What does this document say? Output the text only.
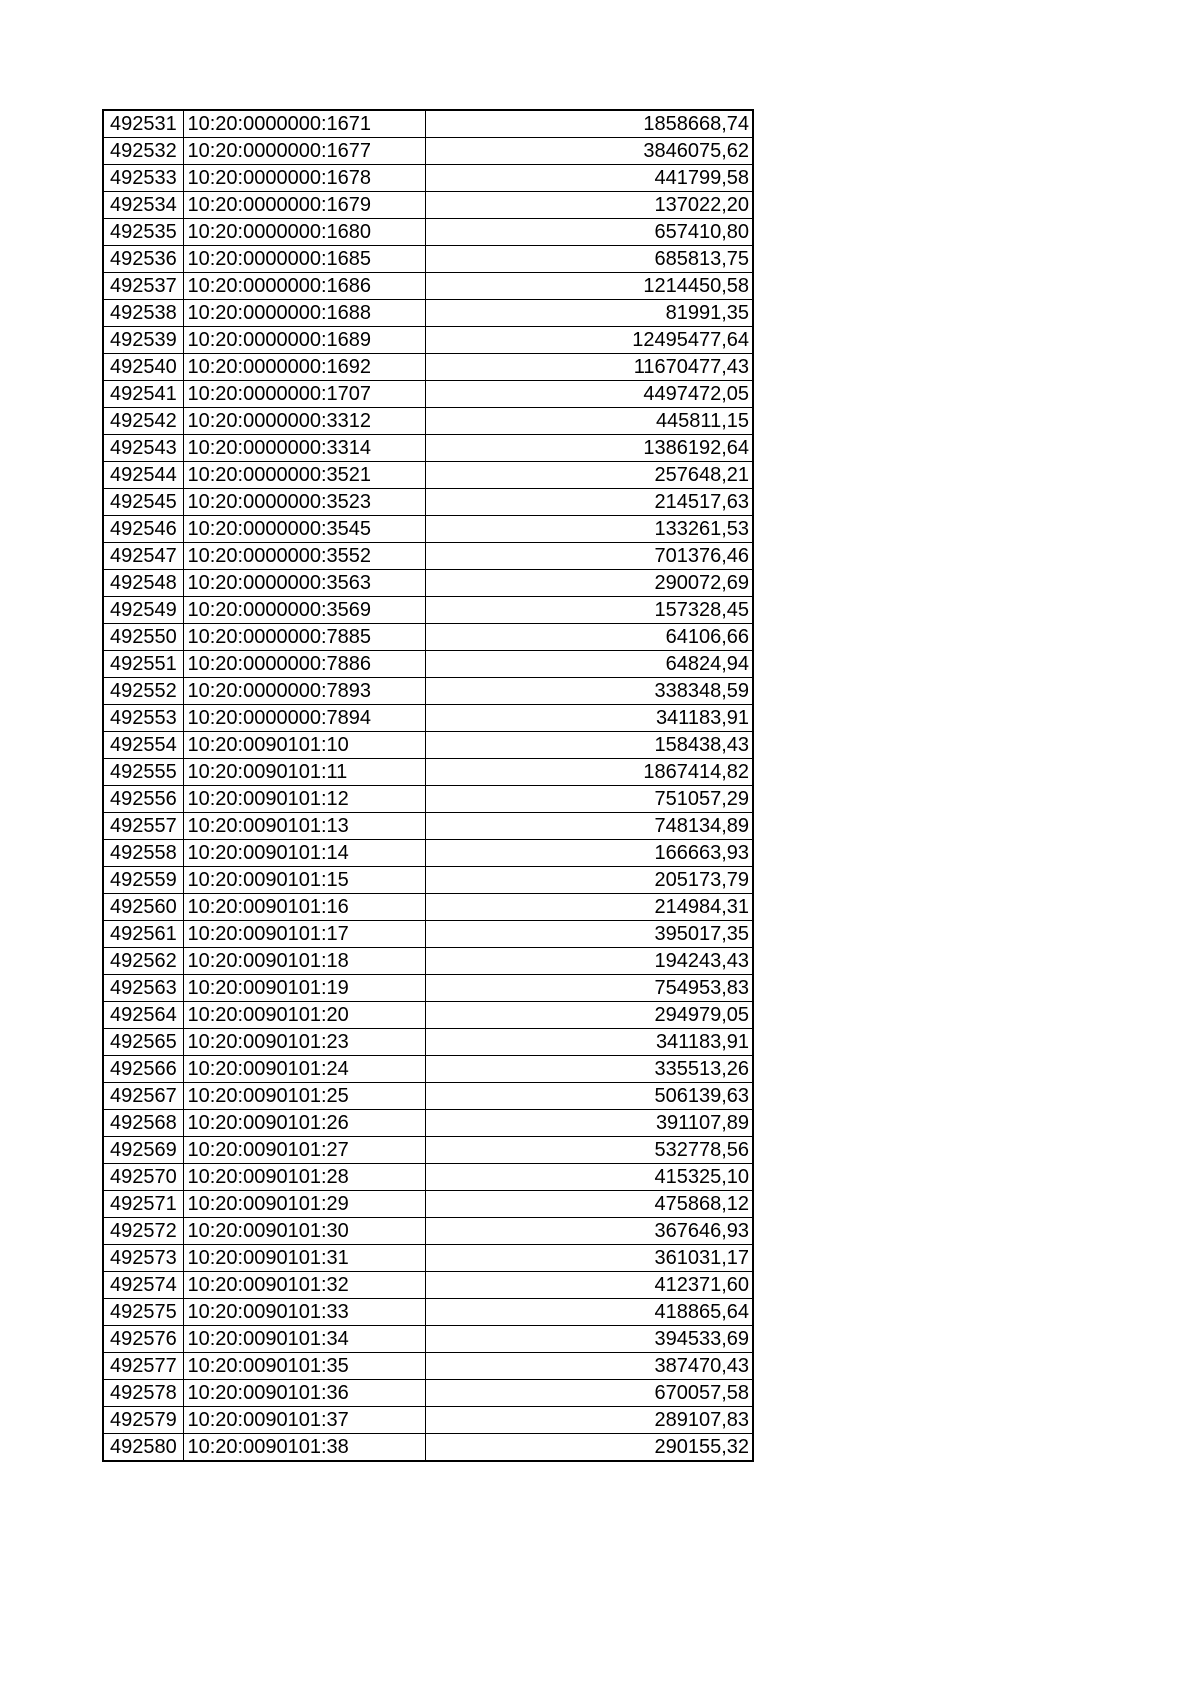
492531	10:20:0000000:1671	1858668,74
492532	10:20:0000000:1677	3846075,62
492533	10:20:0000000:1678	441799,58
492534	10:20:0000000:1679	137022,20
492535	10:20:0000000:1680	657410,80
492536	10:20:0000000:1685	685813,75
492537	10:20:0000000:1686	1214450,58
492538	10:20:0000000:1688	81991,35
492539	10:20:0000000:1689	12495477,64
492540	10:20:0000000:1692	11670477,43
492541	10:20:0000000:1707	4497472,05
492542	10:20:0000000:3312	445811,15
492543	10:20:0000000:3314	1386192,64
492544	10:20:0000000:3521	257648,21
492545	10:20:0000000:3523	214517,63
492546	10:20:0000000:3545	133261,53
492547	10:20:0000000:3552	701376,46
492548	10:20:0000000:3563	290072,69
492549	10:20:0000000:3569	157328,45
492550	10:20:0000000:7885	64106,66
492551	10:20:0000000:7886	64824,94
492552	10:20:0000000:7893	338348,59
492553	10:20:0000000:7894	341183,91
492554	10:20:0090101:10	158438,43
492555	10:20:0090101:11	1867414,82
492556	10:20:0090101:12	751057,29
492557	10:20:0090101:13	748134,89
492558	10:20:0090101:14	166663,93
492559	10:20:0090101:15	205173,79
492560	10:20:0090101:16	214984,31
492561	10:20:0090101:17	395017,35
492562	10:20:0090101:18	194243,43
492563	10:20:0090101:19	754953,83
492564	10:20:0090101:20	294979,05
492565	10:20:0090101:23	341183,91
492566	10:20:0090101:24	335513,26
492567	10:20:0090101:25	506139,63
492568	10:20:0090101:26	391107,89
492569	10:20:0090101:27	532778,56
492570	10:20:0090101:28	415325,10
492571	10:20:0090101:29	475868,12
492572	10:20:0090101:30	367646,93
492573	10:20:0090101:31	361031,17
492574	10:20:0090101:32	412371,60
492575	10:20:0090101:33	418865,64
492576	10:20:0090101:34	394533,69
492577	10:20:0090101:35	387470,43
492578	10:20:0090101:36	670057,58
492579	10:20:0090101:37	289107,83
492580	10:20:0090101:38	290155,32
